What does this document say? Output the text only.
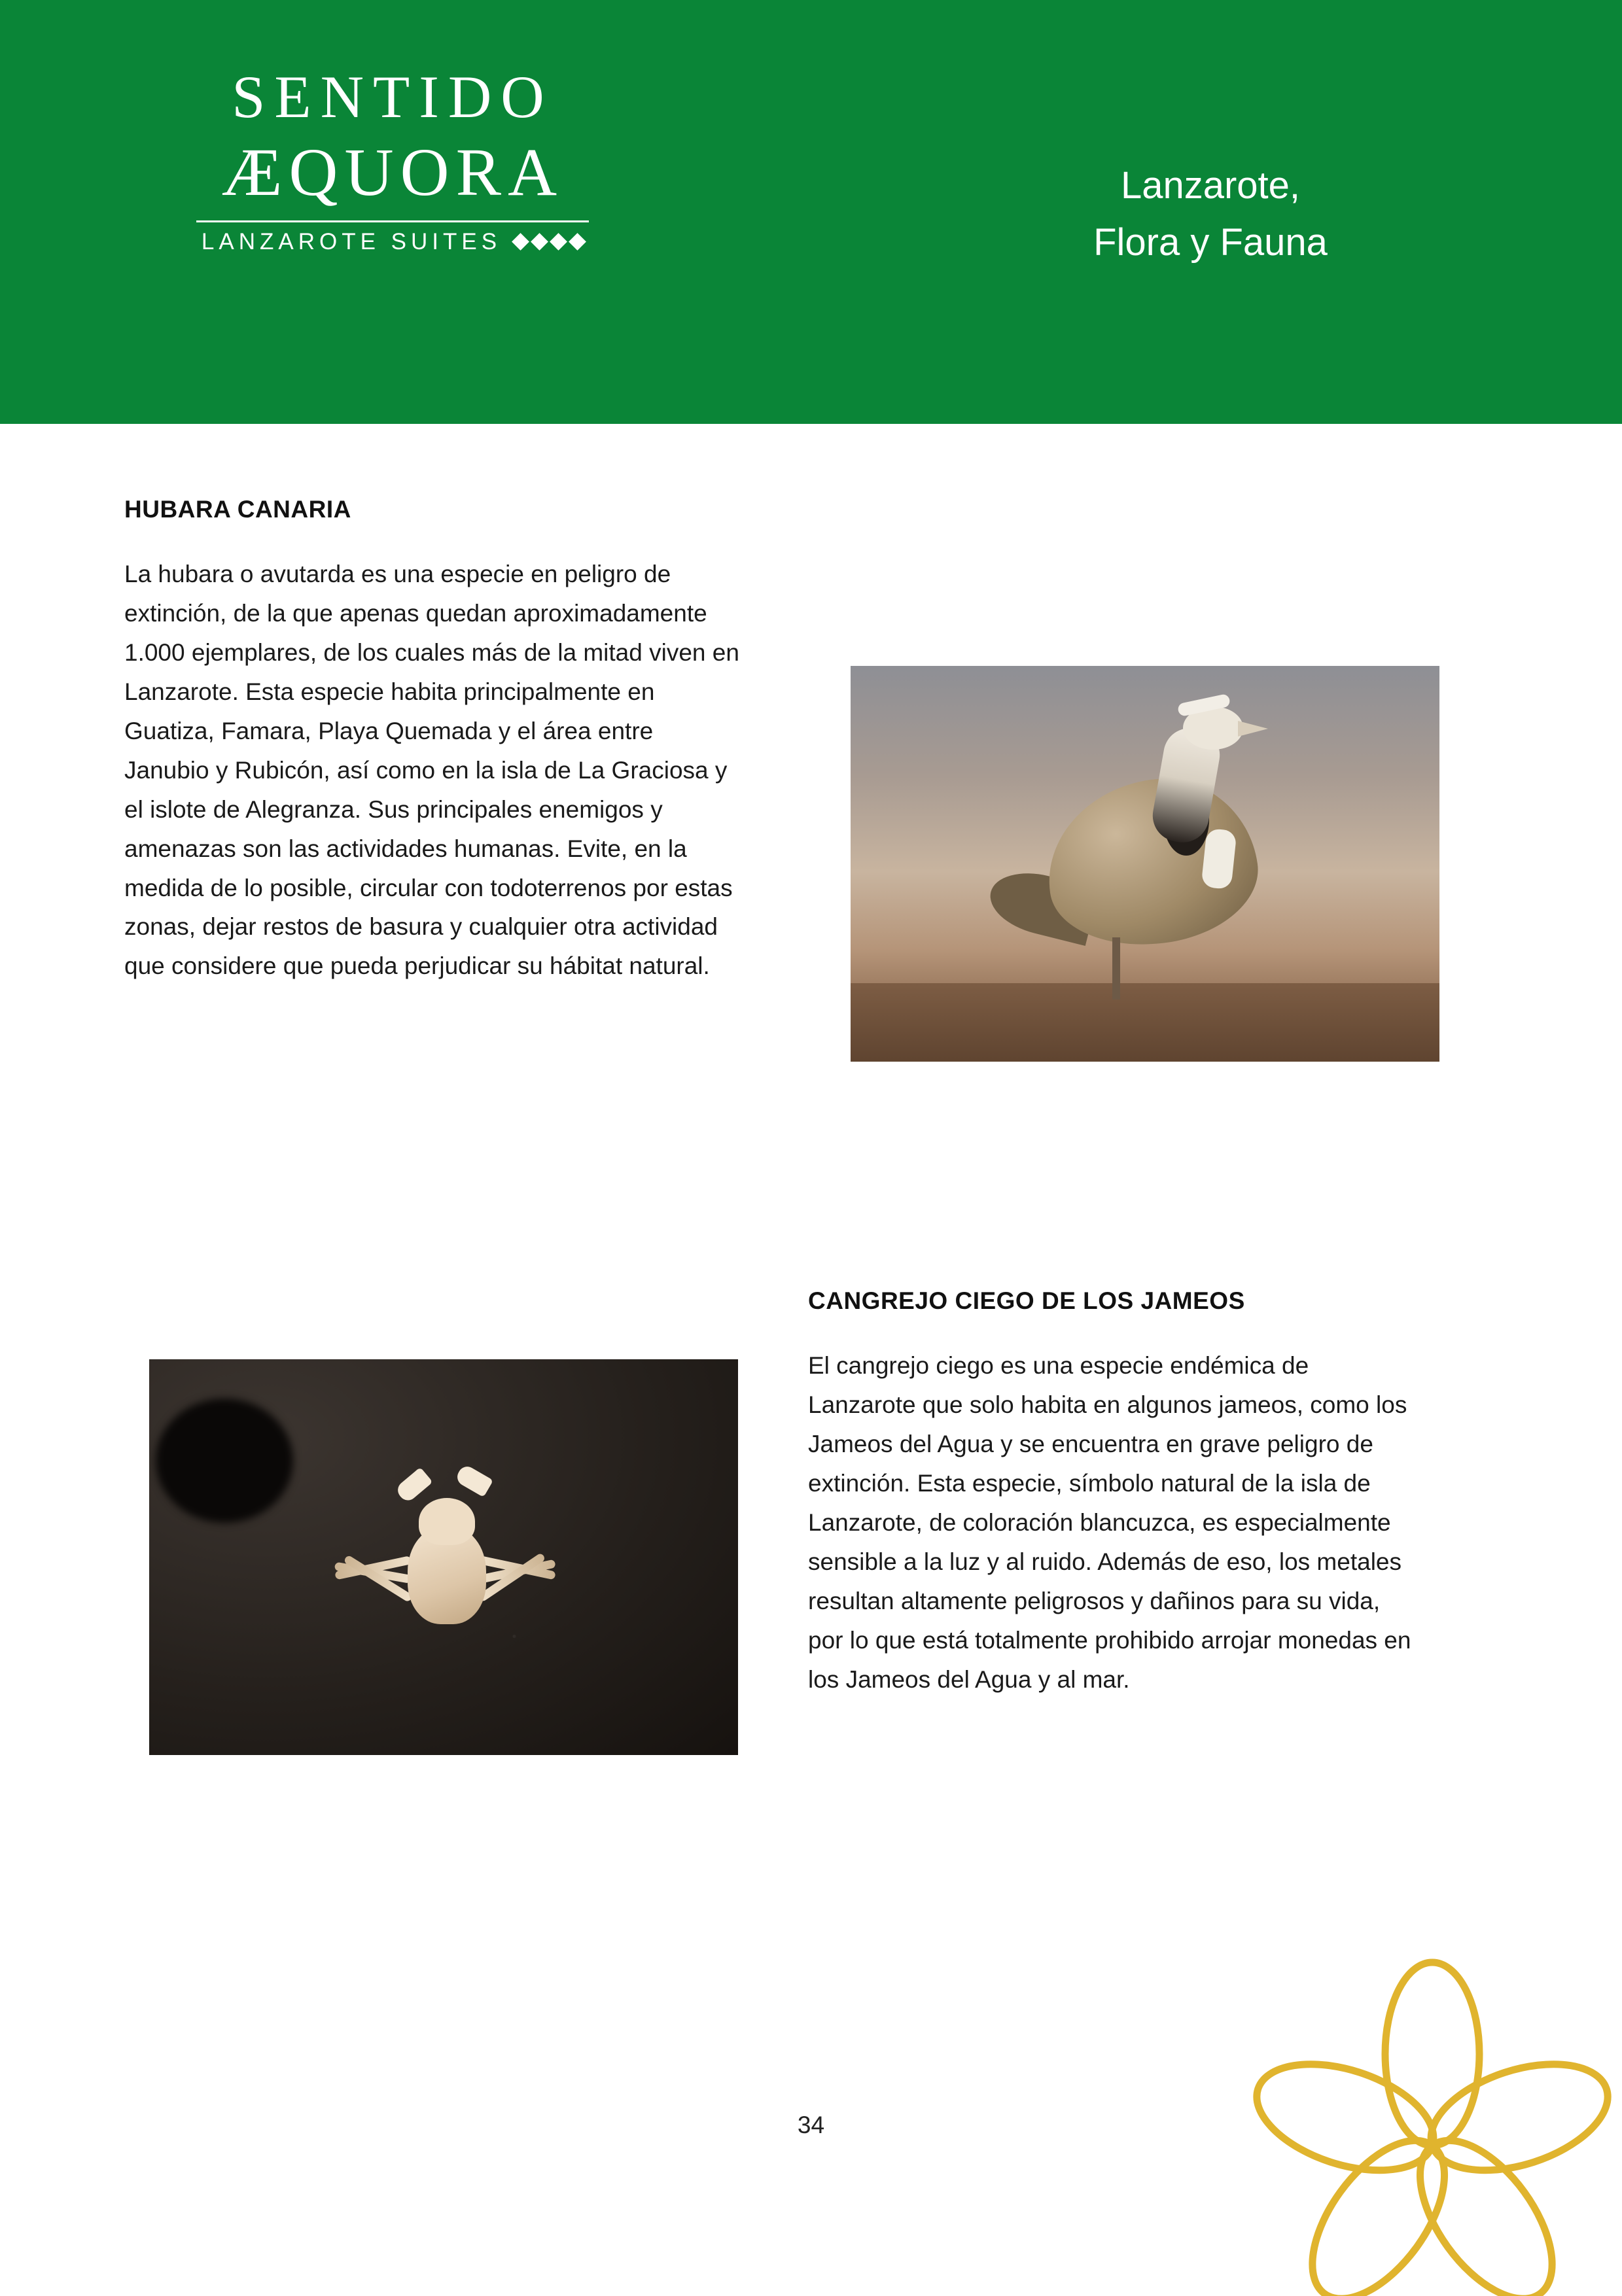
SENTIDO
ÆQUORA
LANZAROTE SUITES
Lanzarote,
Flora y Fauna
HUBARA CANARIA
La hubara o avutarda es una especie en peligro de extinción, de la que apenas quedan aproximadamente 1.000 ejemplares, de los cuales más de la mitad viven en Lanzarote. Esta especie habita principalmente en Guatiza, Famara, Playa Quemada y el área entre Janubio y Rubicón, así como en la isla de La Graciosa y el islote de Alegranza. Sus principales enemigos y amenazas son las actividades humanas. Evite, en la medida de lo posible, circular con todoterrenos por estas zonas, dejar restos de basura y cualquier otra actividad que considere que pueda perjudicar su hábitat natural.
CANGREJO CIEGO DE LOS JAMEOS
El cangrejo ciego es una especie endémica de Lanzarote que solo habita en algunos jameos, como los Jameos del Agua y se encuentra en grave peligro de extinción. Esta especie, símbolo natural de la isla de Lanzarote, de coloración blancuzca, es especialmente sensible a la luz y al ruido. Además de eso, los metales resultan altamente peligrosos y dañinos para su vida, por lo que está totalmente prohibido arrojar monedas en los Jameos del Agua y al mar.
34
